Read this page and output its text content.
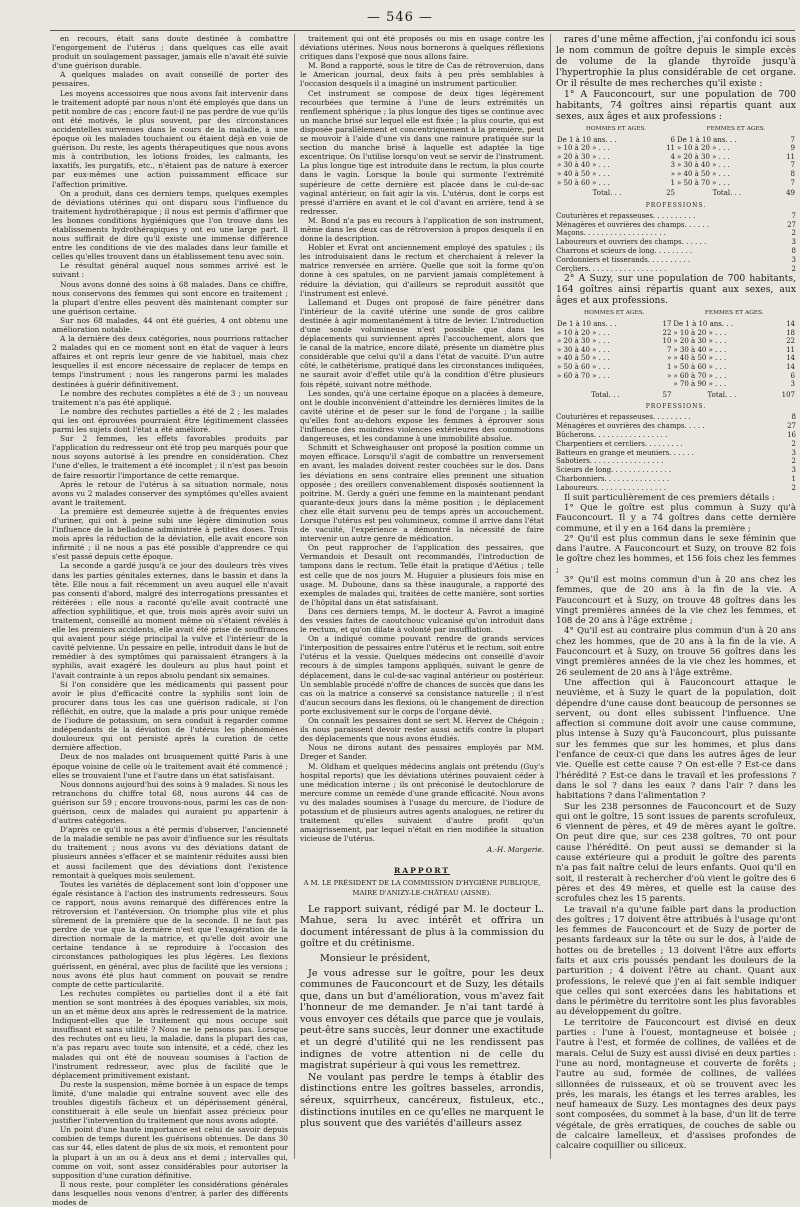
— 546 —

en recours, était sans doute destinée à combattre l'engorgement de l'utérus ; dans quelques cas elle avait produit un soulagement passager, jamais elle n'avait été suivie d'une guérison durable.

A quelques malades on avait conseillé de porter des pessaires.

Les moyens accessoires que nous avons fait intervenir dans le traitement adopté par nous n'ont été employés que dans un petit nombre de cas ; encore faut-il ne pas perdre de vue qu'ils ont été motivés, le plus souvent, par des circonstances accidentelles survenues dans le cours de la maladie, à une époque où les malades touchaient ou étaient déjà en voie de guérison. Du reste, les agents thérapeutiques que nous avons mis à contribution, les lotions froides, les calmants, les laxatifs, les purgatifs, etc., n'étaient pas de nature à exercer par eux-mêmes une action puissamment efficace sur l'affection primitive.

On a produit, dans ces derniers temps, quelques exemples de déviations utérines qui ont disparu sous l'influence du traitement hydrothérapique ; il nous est permis d'affirmer que les bonnes conditions hygiéniques que l'on trouve dans les établissements hydrothérapiques y ont eu une large part. Il nous suffirait de dire qu'il existe une immense différence entre les conditions de vie des malades dans leur famille et celles qu'elles trouvent dans un établissement tenu avec soin.

Le résultat général auquel nous sommes arrivé est le suivant :

Nous avons donné des soins à 68 malades. Dans ce chiffre, nous conservons des femmes qui sont encore en traitement ; la plupart d'entre elles peuvent dès maintenant compter sur une guérison certaine.

Sur nos 68 malades, 44 ont été guéries, 4 ont obtenu une amélioration notable.

A la dernière des deux catégories, nous pourrions rattacher 2 malades qui en ce moment sont en état de vaquer à leurs affaires et ont repris leur genre de vie habituel, mais chez lesquelles il est encore nécessaire de replacer de temps en temps l'instrument ; nous les rangerons parmi les malades destinées à guérir définitivement.

Le nombre des rechutes complètes a été de 3 ; un nouveau traitement n'a pas été appliqué.

Le nombre des rechutes partielles a été de 2 ; les malades qui les ont éprouvées pourraient être légitimement classées parmi les sujets dont l'état a été amélioré.

Sur 2 femmes, les effets favorables produits par l'application du redresseur ont été trop peu marqués pour que nous soyons autorisé à les prendre en considération. Chez l'une d'elles, le traitement a été incomplet ; il n'est pas besoin de faire ressortir l'importance de cette remarque.

Après le retour de l'utérus à sa situation normale, nous avons vu 2 malades conserver des symptômes qu'elles avaient avant le traitement.

La première est demeurée sujette à de fréquentes envies d'uriner, qui ont à peine subi une légère diminution sous l'influence de la belladone administrée à petites doses. Trois mois après la réduction de la déviation, elle avait encore son infirmité ; il ne nous a pas été possible d'apprendre ce qui s'est passé depuis cette époque.

La seconde a gardé jusqu'à ce jour des douleurs très vives dans les parties génitales externes, dans le bassin et dans la tête. Elle nous a fait récemment un aveu auquel elle n'avait pas consenti d'abord, malgré des interrogations pressantes et réitérées : elle nous a raconté qu'elle avait contracté une affection syphilitique, et que, trois mois après avoir suivi un traitement, conseillé au moment même où s'étaient révélés à elle les premiers accidents, elle avait été prise de souffrances qui avaient pour siége principal la vulve et l'intérieur de la cavité pelvienne. Un pessaire en pelle, introduit dans le but de remédier à des symptômes qui paraissaient étrangers à la syphilis, avait exagéré les douleurs au plus haut point et l'avait contrainte à un repos absolu pendant six semaines.

Si l'on considère que les médicaments qui passent pour avoir le plus d'efficacité contre la syphilis sont loin de procurer dans tous les cas une guérison radicale, si l'on réfléchit, en outre, que la malade a pris pour unique remède de l'iodure de potassium, on sera conduit à regarder comme indépendants de la déviation de l'utérus les phénomènes douloureux qui ont persisté après la curation de cette dernière affection.

Deux de nos malades ont brusquement quitté Paris à une époque voisine de celle où le traitement avait été commencé ; elles se trouvaient l'une et l'autre dans un état satisfaisant.

Nous donnons aujourd'hui des soins à 9 malades. Si nous les retranchons du chiffre total 68, nous aurons 44 cas de guérison sur 59 ; encore trouvons-nous, parmi les cas de non-guérison, ceux de malades qui auraient pu appartenir à d'autres catégories.

D'après ce qu'il nous a été permis d'observer, l'ancienneté de la maladie semble ne pas avoir d'influence sur les résultats du traitement ; nous avons vu des déviations datant de plusieurs années s'effacer et se maintenir réduites aussi bien et aussi facilement que des déviations dont l'existence remontait à quelques mois seulement.

Toutes les variétés de déplacement sont loin d'opposer une égale résistance à l'action des instruments redresseurs. Sous ce rapport, nous avons remarqué des différences entre la rétroversion et l'antéversion. On triomphe plus vite et plus sûrement de la première que de la seconde. Il ne faut pas perdre de vue que la dernière n'est que l'exagération de la direction normale de la matrice, et qu'elle doit avoir une certaine tendance à se reproduire à l'occasion des circonstances pathologiques les plus légères. Les flexions guérissent, en général, avec plus de facilité que les versions ; nous avons été plus haut comment on pouvait se rendre compte de cette particularité.

Les rechutes complètes ou partielles dont il a été fait mention se sont montrées à des époques variables, six mois, un an et même deux ans après le redressement de la matrice. Indiquent-elles que le traitement qui nous occupe soit insuffisant et sans utilité ? Nous ne le pensons pas. Lorsque des rechutes ont eu lieu, la maladie, dans la plupart des cas, n'a pas reparu avec toute son intensité, et a cédé, chez les malades qui ont été de nouveau soumises à l'action de l'instrument redresseur, avec plus de facilité que le déplacement primitivement existant.

Du reste la suspension, même bornée à un espace de temps limité, d'une maladie qui entraîne souvent avec elle des troubles digestifs fâcheux et un dépérissement général, constituerait à elle seule un bienfait assez précieux pour justifier l'intervention du traitement que nous avons adopté.

Un point d'une haute importance est celui de savoir depuis combien de temps durent les guérisons obtenues. De dans 30 cas sur 44, elles datent de plus de six mois, et remontent pour la plupart à un an ou à deux ans et demi ; intervalles qui, comme on voit, sont assez considérables pour autoriser la supposition d'une curation définitive.

Il nous reste, pour compléter les considérations générales dans lesquelles nous venons d'entrer, à parler des différents modes de

traitement qui ont été proposés ou mis en usage contre les déviations utérines. Nous nous bornerons à quelques réflexions critiques dans l'exposé que nous allons faire.

M. Bond a rapporté, sous le titre de Cas de rétroversion, dans le American journal, deux faits à peu près semblables à l'occasion desquels il a imaginé un instrument particulier.

Cet instrument se compose de deux tiges légèrement recourbées que termine à l'une de leurs extrémités un renflement sphérique ; la plus longue des tiges se continue avec un manche brisé sur lequel elle est fixée ; la plus courte, qui est disposée parallèlement et concentriquement à la première, peut se mouvoir à l'aide d'une vis dans une rainure pratiquée sur la section du manche brisé à laquelle est adaptée la tige excentrique. On l'utilise lorsqu'on veut se servir de l'instrument. La plus longue tige est introduite dans le rectum, la plus courte dans le vagin. Lorsque la boule qui surmonte l'extrémité supérieure de cette dernière est placée dans le cul-de-sac vaginal antérieur, on fait agir la vis. L'utérus, dont le corps est pressé d'arrière en avant et le col d'avant en arrière, tend à se redresser.

M. Bond n'a pas eu recours à l'application de son instrument, même dans les deux cas de rétroversion à propos desquels il en donne la description.

Hobler et Evrat ont anciennement employé des spatules ; ils les introduisaient dans le rectum et cherchaient à relever la matrice renversée en arrière. Quelle que soit la forme qu'on donne à ces spatules, on ne parvient jamais complètement à réduire la déviation, qui d'ailleurs se reproduit aussitôt que l'instrument est enlevé.

Lallemand et Duges ont proposé de faire pénétrer dans l'intérieur de la cavité utérine une sonde de gros calibre destinée à agir momentanément à titre de levier. L'introduction d'une sonde volumineuse n'est possible que dans les déplacements qui surviennent après l'accouchement, alors que le canal de la matrice, encore dilaté, présente un diamètre plus considérable que celui qu'il a dans l'état de vacuité. D'un autre côté, le cathétérisme, pratiqué dans les circonstances indiquées, ne saurait avoir d'effet utile qu'à la condition d'être plusieurs fois répété, suivant notre méthode.

Les sondes, qu'à une certaine époque on a placées à demeure, ont le double inconvénient d'atteindre les dernières limites de la cavité utérine et de peser sur le fond de l'organe ; la saillie qu'elles font au-dehors expose les femmes à éprouver sous l'influence des moindres violences extérieures des commotions dangereuses, et les condamne à une immobilité absolue.

Schmitt et Schweighauser ont proposé la position comme un moyen efficace. Lorsqu'il s'agit de combattre un renversement en avant, les malades doivent rester couchées sur le dos. Dans les déviations en sens contraire elles prennent une situation opposée ; des oreillers convenablement disposés soutiennent la poitrine. M. Gerdy a guéri une femme en la maintenant pendant quarante-deux jours dans la même position ; le déplacement chez elle était survenu peu de temps après un accouchement. Lorsque l'utérus est peu volumineux, comme il arrive dans l'état de vacuité, l'expérience a démontré la nécessité de faire intervenir un autre genre de médication.

On peut rapprocher de l'application des pessaires, que Vermandois et Desault ont recommandés, l'introduction de tampons dans le rectum. Telle était la pratique d'Aëtius ; telle est celle que de nos jours M. Huguier a plusieurs fois mise en usage. M. Duboune, dans sa thèse inaugurale, a rapporté des exemples de malades qui, traitées de cette manière, sont sorties de l'hôpital dans un état satisfaisant.

Dans ces derniers temps, M. le docteur A. Favrot a imaginé des vessies faites de caoutchouc vulcanisé qu'on introduit dans le rectum, et qu'on dilate à volonté par insufflation.

On a indiqué comme pouvant rendre de grands services l'interposition de pessaires entre l'utérus et le rectum, soit entre l'utérus et la vessie. Quelques médecins ont conseillé d'avoir recours à de simples tampons appliqués, suivant le genre de déplacement, dans le cul-de-sac vaginal antérieur ou postérieur. Un semblable procédé n'offre de chances de succès que dans les cas où la matrice a conservé sa consistance naturelle ; il n'est d'aucun secours dans les flexions, où le changement de direction porte exclusivement sur le corps de l'organe dévié.

On connaît les pessaires dont se sert M. Hervez de Chégoin ; ils nous paraissent devoir rester aussi actifs contre la plupart des déplacements que nous avons étudiés.

Nous ne dirons autant des pessaires employés par MM. Dreger et Sander.

M. Oldham et quelques médecins anglais ont prétendu (Guy's hospital reports) que les déviations utérines pouvaient céder à une médication interne ; ils ont préconisé le deutochlorure de mercure comme un remède d'une grande efficacité. Nous avons vu des malades soumises à l'usage du mercure, de l'iodure de potassium et de plusieurs autres agents analogues, ne retirer du traitement qu'elles suivaient d'autre profit qu'un amaigrissement, par lequel n'était en rien modifiée la situation vicieuse de l'utérus.

A.-H. Margerie.
RAPPORT
A M. LE PRÉSIDENT DE LA COMMISSION D'HYGIÈNE PUBLIQUE,
MAIRE D'ANIZY-LE-CHÂTEAU (AISNE).

Le rapport suivant, rédigé par M. le docteur L. Mahue, sera lu avec intérêt et offrira un document intéressant de plus à la commission du goître et du crétinisme.

Monsieur le président,

Je vous adresse sur le goître, pour les deux communes de Fauconcourt et de Suzy, les détails que, dans un but d'amélioration, vous m'avez fait l'honneur de me demander. Je n'ai tant tardé à vous envoyer ces détails que parce que je voulais, peut-être sans succès, leur donner une exactitude et un degré d'utilité qui ne les rendissent pas indignes de votre attention ni de celle du magistrat supérieur à qui vous les remettrez.

Ne voulant pas perdre le temps à établir des distinctions entre les goîtres basseles, arrondis, séreux, squirrheux, cancéreux, fistuleux, etc., distinctions inutiles en ce qu'elles ne marquent le plus souvent que des variétés d'ailleurs assez

rares d'une même affection, j'ai confondu ici sous le nom commun de goître depuis le simple excès de volume de la glande thyroïde jusqu'à l'hypertrophie la plus considérable de cet organe. Or il résulte de mes recherches qu'il existe :

1° A Fauconcourt, sur une population de 700 habitants, 74 goîtres ainsi répartis quant aux sexes, aux âges et aux professions :

HOMMES ET AGES.		FEMMES ET AGES.	
De 1 à 10 ans. . .	6	De 1 à 10 ans. . .	7
» 10 à 20 » . . .	11	» 10 à 20 » . . .	9
» 20 à 30 » . . .	4	» 20 à 30 » . . .	11
» 30 à 40 » . . .	3	» 30 à 40 » . . .	7
» 40 à 50 » . . .	»	» 40 à 50 » . . .	8
» 50 à 60 » . . .	1	» 50 à 70 » . . .	7
Total. . .	25	Total. . .	49
PROFESSIONS.
Couturières et repasseuses. . . . . . . . . .	7
Ménagères et ouvrières des champs. . . . . .	27
Maçons. . . . . . . . . . . . . . . . . . .	2
Laboureurs et ouvriers des champs. . . . . .	3
Charrons et scieurs de long. . . . . . . . .	8
Cordonniers et tisserands. . . . . . . . . .	3
Cerçliers. . . . . . . . . . . . . . . . . .	2

2° A Suzy, sur une population de 700 habitants, 164 goîtres ainsi répartis quant aux sexes, aux âges et aux professions.

HOMMES ET AGES.		FEMMES ET AGES.	
De 1 à 10 ans. . .	17	De 1 à 10 ans. . .	14
» 10 à 20 » . . .	22	» 10 à 20 » . . .	18
» 20 à 30 » . . .	10	» 20 à 30 » . . .	22
» 30 à 40 » . . .	7	» 30 à 40 » . . .	11
» 40 à 50 » . . .	»	» 40 à 50 » . . .	14
» 50 à 60 » . . .	1	» 50 à 60 » . . .	14
» 60 à 70 » . . .	»	» 60 à 70 » . . .	6
		» 70 à 90 » . . .	3
Total. . .	57	Total. . .	107
PROFESSIONS.
Couturières et repasseuses. . . . . . . . .	8
Ménagères et ouvrières des champs. . . . .	27
Bûcherons. . . . . . . . . . . . . . . . .	16
Charpentiers et cercliers. . . . . . . . .	2
Batteurs en grange et meuniers. . . . . .	3
Sabotiers. . . . . . . . . . . . . . . . .	2
Scieurs de long. . . . . . . . . . . . . .	3
Charbonniers. . . . . . . . . . . . . . .	1
Laboureurs. . . . . . . . . . . . . . . .	2

Il suit particulièrement de ces premiers détails :

1° Que le goître est plus commun à Suzy qu'à Fauconcourt. Il y a 74 goîtres dans cette dernière commune, et il y en a 164 dans la première ;

2° Qu'il est plus commun dans le sexe féminin que dans l'autre. A Fauconcourt et Suzy, on trouve 82 fois le goître chez les hommes, et 156 fois chez les femmes ;

3° Qu'il est moins commun d'un à 20 ans chez les femmes, que de 20 ans à la fin de la vie. A Fauconcourt et à Suzy, on trouve 48 goîtres dans les vingt premières années de la vie chez les femmes, et 108 de 20 ans à l'âge extrême ;

4° Qu'il est au contraire plus commun d'un à 20 ans chez les hommes, que de 20 ans à la fin de la vie. A Fauconcourt et à Suzy, on trouve 56 goîtres dans les vingt premières années de la vie chez les hommes, et 26 seulement de 20 ans à l'âge extrême.

Une affection qui à Fauconcourt attaque le neuvième, et à Suzy le quart de la population, doit dépendre d'une cause dont beaucoup de personnes se servent, ou dont elles subissent l'influence. Une affection si commune doit avoir une cause commune, plus intense à Suzy qu'à Fauconcourt, plus puissante sur les femmes que sur les hommes, et plus dans l'enfance de ceux-ci que dans les autres âges de leur vie. Quelle est cette cause ? On est-elle ? Est-ce dans l'hérédité ? Est-ce dans le travail et les professions ? dans le sol ? dans les eaux ? dans l'air ? dans les habitations ? dans l'alimentation ?

Sur les 238 personnes de Fauconcourt et de Suzy qui ont le goître, 15 sont issues de parents scrofuleux, 6 viennent de pères, et 49 de mères ayant le goître. On peut dire que, sur ces 238 goîtres, 70 ont pour cause l'hérédité. On peut aussi se demander si la cause extérieure qui a produit le goître des parents n'a pas fait naître celui de leurs enfants. Quoi qu'il en soit, il resterait à rechercher d'où vient le goître des 6 pères et des 49 mères, et quelle est la cause des scrofules chez les 15 parents.

Le travail n'a qu'une faible part dans la production des goîtres ; 17 doivent être attribués à l'usage qu'ont les femmes de Fauconcourt et de Suzy de porter de pesants fardeaux sur la tête ou sur le dos, à l'aide de hottes ou de bretelles ; 13 doivent l'être aux efforts faits et aux cris poussés pendant les douleurs de la parturition ; 4 doivent l'être au chant. Quant aux professions, le relevé que j'en ai fait semble indiquer que celles qui sont exercées dans les habitations et dans le périmètre du territoire sont les plus favorables au développement du goître.

Le territoire de Fauconcourt est divisé en deux parties : l'une à l'ouest, montagneuse et boisée ; l'autre à l'est, et formée de collines, de vallées et de marais. Celui de Suzy est aussi divisé en deux parties : l'une au nord, montagneuse et couverte de forêts ; l'autre au sud, formée de collines, de vallées sillonnées de ruisseaux, et où se trouvent avec les prés, les marais, les étangs et les terres arables, les neuf hameaux de Suzy. Les montagnes des deux pays sont composées, du sommet à la base, d'un lit de terre végétale, de grès erratiques, de couches de sable ou de calcaire lamelleux, et d'assises profondes de calcaire coquillier ou siliceux.
